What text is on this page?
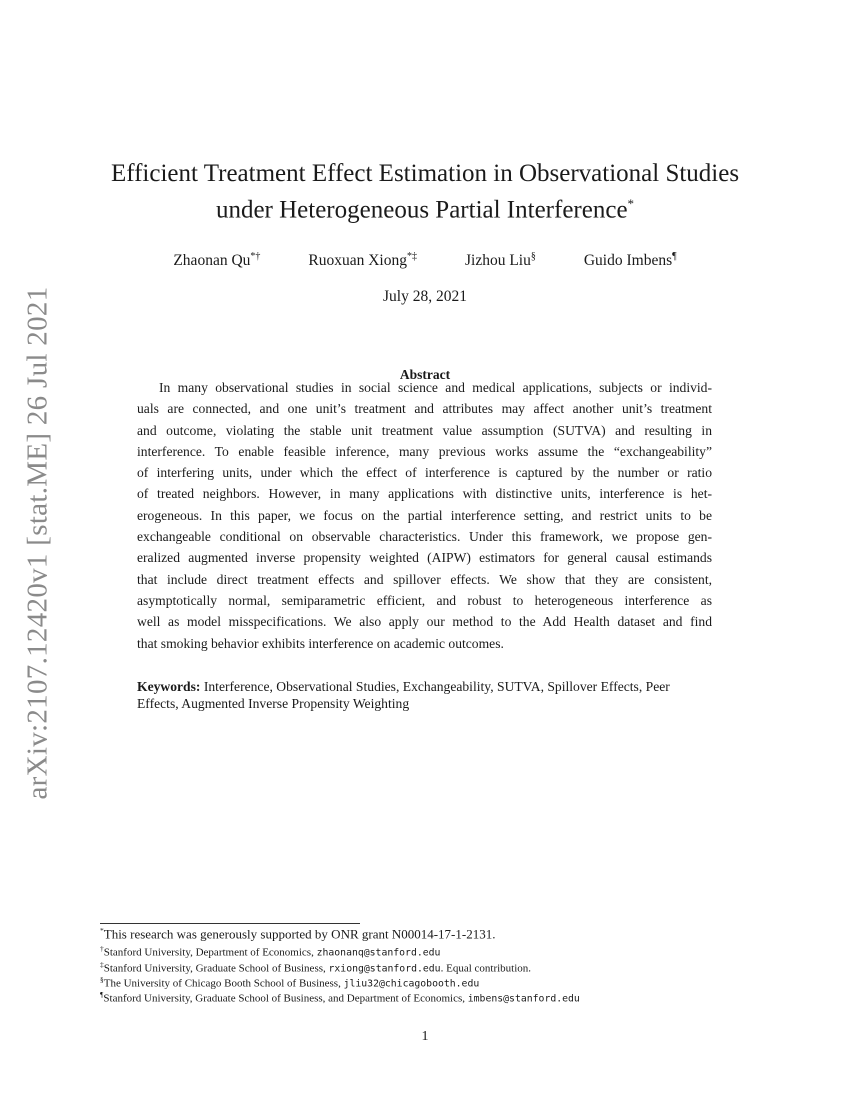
arXiv:2107.12420v1 [stat.ME] 26 Jul 2021
Efficient Treatment Effect Estimation in Observational Studies
under Heterogeneous Partial Interference*
Zhaonan Qu*†	Ruoxuan Xiong*‡	Jizhou Liu§	Guido Imbens¶
July 28, 2021
Abstract
In many observational studies in social science and medical applications, subjects or individ-
uals are connected, and one unit’s treatment and attributes may affect another unit’s treatment
and outcome, violating the stable unit treatment value assumption (SUTVA) and resulting in
interference. To enable feasible inference, many previous works assume the “exchangeability”
of interfering units, under which the effect of interference is captured by the number or ratio
of treated neighbors. However, in many applications with distinctive units, interference is het-
erogeneous. In this paper, we focus on the partial interference setting, and restrict units to be
exchangeable conditional on observable characteristics. Under this framework, we propose gen-
eralized augmented inverse propensity weighted (AIPW) estimators for general causal estimands
that include direct treatment effects and spillover effects. We show that they are consistent,
asymptotically normal, semiparametric efficient, and robust to heterogeneous interference as
well as model misspecifications. We also apply our method to the Add Health dataset and find
that smoking behavior exhibits interference on academic outcomes.
Keywords: Interference, Observational Studies, Exchangeability, SUTVA, Spillover Effects, Peer Effects, Augmented Inverse Propensity Weighting
*This research was generously supported by ONR grant N00014-17-1-2131.
†Stanford University, Department of Economics, zhaonanq@stanford.edu
‡Stanford University, Graduate School of Business, rxiong@stanford.edu. Equal contribution.
§The University of Chicago Booth School of Business, jliu32@chicagobooth.edu
¶Stanford University, Graduate School of Business, and Department of Economics, imbens@stanford.edu
1
